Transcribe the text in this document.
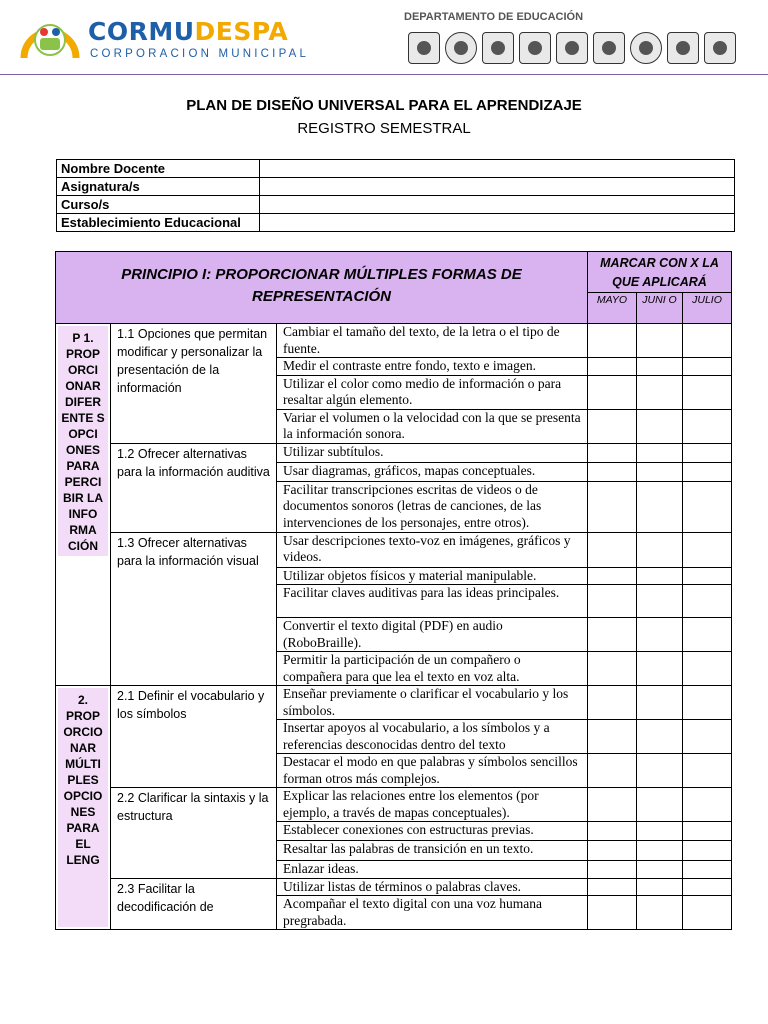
CORMUDESPA
CORPORACION MUNICIPAL
DEPARTAMENTO DE EDUCACIÓN
PLAN DE DISEÑO UNIVERSAL PARA EL APRENDIZAJE
REGISTRO SEMESTRAL
Nombre Docente	
Asignatura/s	
Curso/s	
Establecimiento Educacional	
PRINCIPIO I: PROPORCIONAR MÚLTIPLES FORMAS DE REPRESENTACIÓN			MARCAR CON X LA QUE APLICARÁ		
			MAYO	JUNI O	JULIO

P 1. PROP ORCI ONAR DIFER ENTE S OPCI ONES PARA PERCI BIR LA INFO RMA CIÓN	1.1 Opciones que permitan modificar y personalizar la presentación de la información	Cambiar el tamaño del texto, de la letra o el tipo de fuente.			
		Medir el contraste entre fondo, texto e imagen.			
		Utilizar el color como medio de información o para resaltar algún elemento.			
		Variar el volumen o la velocidad con la que se presenta la información sonora.			
	1.2 Ofrecer alternativas para la información auditiva	Utilizar subtítulos.			
		Usar diagramas, gráficos, mapas conceptuales.			
		Facilitar transcripciones escritas de videos o de documentos sonoros (letras de canciones, de las intervenciones de los personajes, entre otros).			
	1.3 Ofrecer alternativas para la información visual	Usar descripciones texto-voz en imágenes, gráficos y videos.			
		Utilizar objetos físicos y material manipulable.			
		Facilitar claves auditivas para las ideas principales.			
		Convertir el texto digital (PDF) en audio (RoboBraille).			
		Permitir la participación de un compañero o compañera para que lea el texto en voz alta.			

2. PROP ORCIO NAR MÚLTI PLES OPCIO NES PARA EL LENG	2.1 Definir el vocabulario y los símbolos	Enseñar previamente o clarificar el vocabulario y los símbolos.			
		Insertar apoyos al vocabulario, a los símbolos y a referencias desconocidas dentro del texto			
		Destacar el modo en que palabras y símbolos sencillos forman otros más complejos.			
	2.2 Clarificar la sintaxis y la estructura	Explicar las relaciones entre los elementos (por ejemplo, a través de mapas conceptuales).			
		Establecer conexiones con estructuras previas.			
		Resaltar las palabras de transición en un texto.			
		Enlazar ideas.			
	2.3 Facilitar la decodificación de	Utilizar listas de términos o palabras claves.			
		Acompañar el texto digital con una voz humana pregrabada.			
